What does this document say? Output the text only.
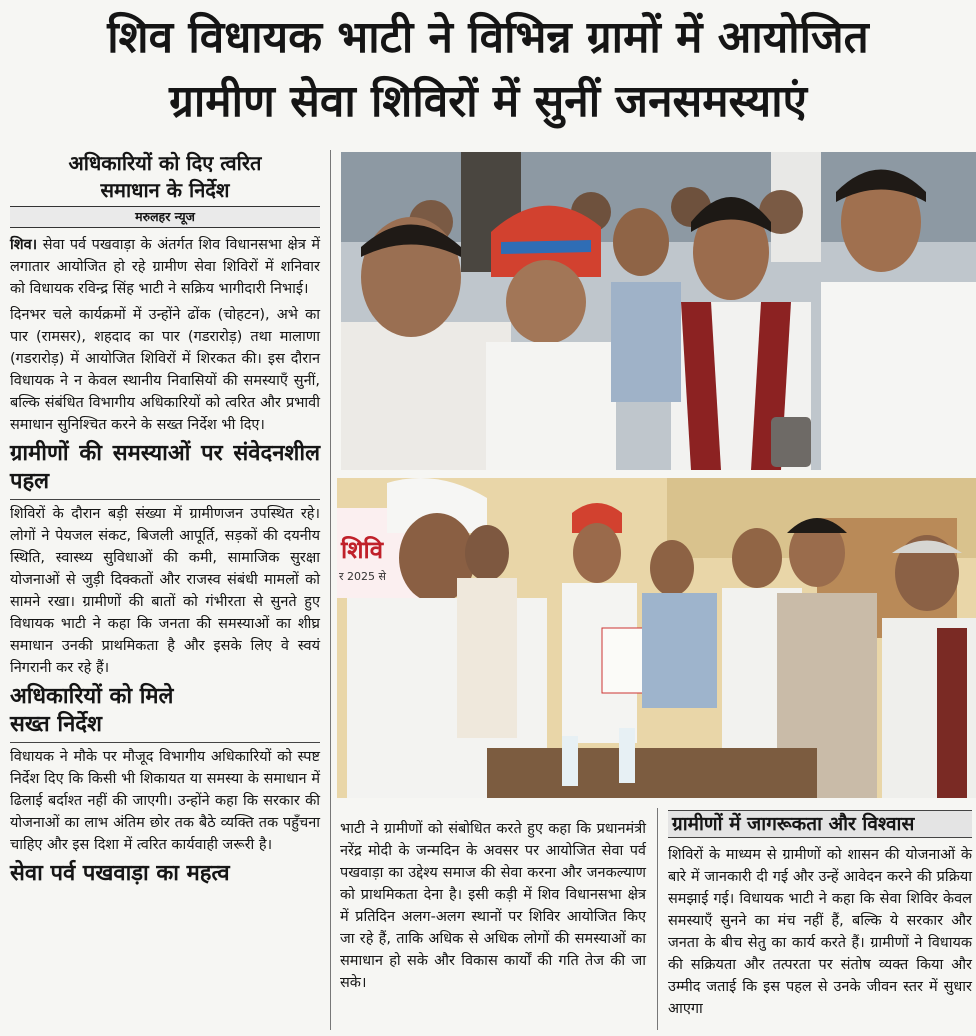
शिव विधायक भाटी ने विभिन्न ग्रामों में आयोजित
ग्रामीण सेवा शिविरों में सुनीं जनसमस्याएं
अधिकारियों को दिए त्वरित
समाधान के निर्देश
मरुलहर न्यूज

शिव। सेवा पर्व पखवाड़ा के अंतर्गत शिव विधानसभा क्षेत्र में लगातार आयोजित हो रहे ग्रामीण सेवा शिविरों में शनिवार को विधायक रविन्द्र सिंह भाटी ने सक्रिय भागीदारी निभाई।

दिनभर चले कार्यक्रमों में उन्होंने ढोंक (चोहटन), अभे का पार (रामसर), शहदाद का पार (गडरारोड़) तथा मालाणा (गडरारोड़) में आयोजित शिविरों में शिरकत की। इस दौरान विधायक ने न केवल स्थानीय निवासियों की समस्याएँ सुनीं, बल्कि संबंधित विभागीय अधिकारियों को त्वरित और प्रभावी समाधान सुनिश्चित करने के सख्त निर्देश भी दिए।

ग्रामीणों की समस्याओं पर संवेदनशील पहल

शिविरों के दौरान बड़ी संख्या में ग्रामीणजन उपस्थित रहे। लोगों ने पेयजल संकट, बिजली आपूर्ति, सड़कों की दयनीय स्थिति, स्वास्थ्य सुविधाओं की कमी, सामाजिक सुरक्षा योजनाओं से जुड़ी दिक्कतों और राजस्व संबंधी मामलों को सामने रखा। ग्रामीणों की बातों को गंभीरता से सुनते हुए विधायक भाटी ने कहा कि जनता की समस्याओं का शीघ्र समाधान उनकी प्राथमिकता है और इसके लिए वे स्वयं निगरानी कर रहे हैं।

अधिकारियों को मिले
सख्त निर्देश

विधायक ने मौके पर मौजूद विभागीय अधिकारियों को स्पष्ट निर्देश दिए कि किसी भी शिकायत या समस्या के समाधान में ढिलाई बर्दाश्त नहीं की जाएगी। उन्होंने कहा कि सरकार की योजनाओं का लाभ अंतिम छोर तक बैठे व्यक्ति तक पहुँचना चाहिए और इस दिशा में त्वरित कार्यवाही जरूरी है।

सेवा पर्व पखवाड़ा का महत्व
शिवि
र 2025 से

भाटी ने ग्रामीणों को संबोधित करते हुए कहा कि प्रधानमंत्री नरेंद्र मोदी के जन्मदिन के अवसर पर आयोजित सेवा पर्व पखवाड़ा का उद्देश्य समाज की सेवा करना और जनकल्याण को प्राथमिकता देना है। इसी कड़ी में शिव विधानसभा क्षेत्र में प्रतिदिन अलग-अलग स्थानों पर शिविर आयोजित किए जा रहे हैं, ताकि अधिक से अधिक लोगों की समस्याओं का समाधान हो सके और विकास कार्यों की गति तेज की जा सके।

ग्रामीणों में जागरूकता और विश्वास

शिविरों के माध्यम से ग्रामीणों को शासन की योजनाओं के बारे में जानकारी दी गई और उन्हें आवेदन करने की प्रक्रिया समझाई गई। विधायक भाटी ने कहा कि सेवा शिविर केवल समस्याएँ सुनने का मंच नहीं हैं, बल्कि ये सरकार और जनता के बीच सेतु का कार्य करते हैं। ग्रामीणों ने विधायक की सक्रियता और तत्परता पर संतोष व्यक्त किया और उम्मीद जताई कि इस पहल से उनके जीवन स्तर में सुधार आएगा
